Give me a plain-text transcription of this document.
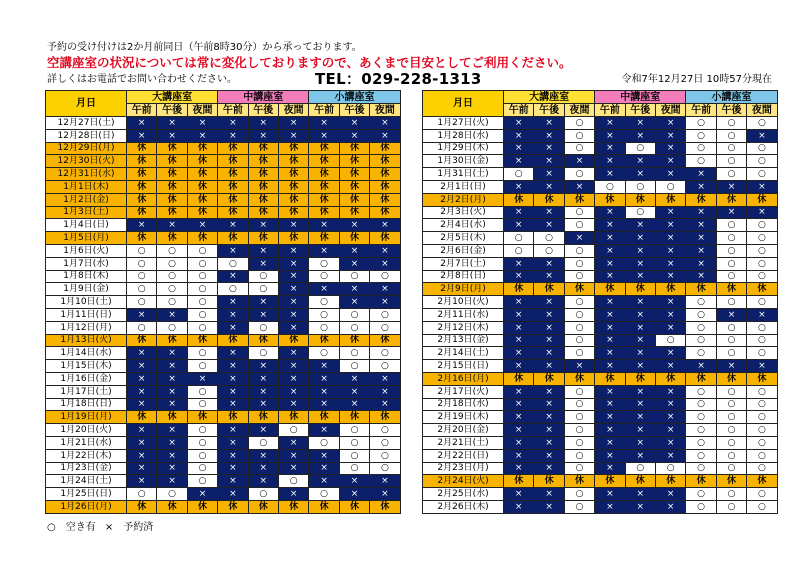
予約の受け付けは2か月前同日（午前8時30分）から承っております。
空講座室の状況については常に変化しておりますので、あくまで目安としてご利用ください。
詳しくはお電話でお問い合わせください。	TEL：029-228-1313	令和7年12月27日 10時57分現在
月日	大講座室			中講座室			小講座室		
	午前	午後	夜間	午前	午後	夜間	午前	午後	夜間
12月27日(土)	×	×	×	×	×	×	×	×	×
12月28日(日)	×	×	×	×	×	×	×	×	×
12月29日(月)	休	休	休	休	休	休	休	休	休
12月30日(火)	休	休	休	休	休	休	休	休	休
12月31日(水)	休	休	休	休	休	休	休	休	休
1月1日(木)	休	休	休	休	休	休	休	休	休
1月2日(金)	休	休	休	休	休	休	休	休	休
1月3日(土)	休	休	休	休	休	休	休	休	休
1月4日(日)	×	×	×	×	×	×	×	×	×
1月5日(月)	休	休	休	休	休	休	休	休	休
1月6日(火)	○	○	○	×	×	×	×	×	×
1月7日(水)	○	○	○	○	×	×	○	×	×
1月8日(木)	○	○	○	×	○	×	○	○	○
1月9日(金)	○	○	○	○	○	×	×	×	×
1月10日(土)	○	○	○	×	×	×	○	×	×
1月11日(日)	×	×	○	×	×	×	○	○	○
1月12日(月)	○	○	○	×	○	×	○	○	○
1月13日(火)	休	休	休	休	休	休	休	休	休
1月14日(水)	×	×	○	×	○	×	○	○	○
1月15日(木)	×	×	○	×	×	×	×	○	○
1月16日(金)	×	×	×	×	×	×	×	×	×
1月17日(土)	×	×	○	×	×	×	×	×	×
1月18日(日)	×	×	○	×	×	×	×	×	×
1月19日(月)	休	休	休	休	休	休	休	休	休
1月20日(火)	×	×	○	×	×	○	×	○	○
1月21日(水)	×	×	○	×	○	×	○	○	○
1月22日(木)	×	×	○	×	×	×	×	○	○
1月23日(金)	×	×	○	×	×	×	×	○	○
1月24日(土)	×	×	○	×	×	○	×	×	×
1月25日(日)	○	○	×	×	○	×	○	×	×
1月26日(月)	休	休	休	休	休	休	休	休	休
月日	大講座室			中講座室			小講座室		
	午前	午後	夜間	午前	午後	夜間	午前	午後	夜間
1月27日(火)	×	×	○	×	×	×	○	○	○
1月28日(水)	×	×	○	×	×	×	○	○	×
1月29日(木)	×	×	○	×	○	×	○	○	○
1月30日(金)	×	×	×	×	×	×	○	○	○
1月31日(土)	○	×	○	×	×	×	×	○	○
2月1日(日)	×	×	×	○	○	○	×	×	×
2月2日(月)	休	休	休	休	休	休	休	休	休
2月3日(火)	×	×	○	×	○	×	×	×	×
2月4日(水)	×	×	○	×	×	×	×	○	○
2月5日(木)	○	○	×	×	×	×	×	○	○
2月6日(金)	○	○	○	×	×	×	×	○	○
2月7日(土)	×	×	○	×	×	×	×	○	○
2月8日(日)	×	×	○	×	×	×	×	○	○
2月9日(月)	休	休	休	休	休	休	休	休	休
2月10日(火)	×	×	○	×	×	×	○	○	○
2月11日(水)	×	×	○	×	×	×	○	×	×
2月12日(木)	×	×	○	×	×	×	○	○	○
2月13日(金)	×	×	○	×	×	○	○	○	○
2月14日(土)	×	×	○	×	×	×	○	○	○
2月15日(日)	×	×	×	×	×	×	×	×	×
2月16日(月)	休	休	休	休	休	休	休	休	休
2月17日(火)	×	×	○	×	×	×	○	○	○
2月18日(水)	×	×	○	×	×	×	○	○	○
2月19日(木)	×	×	○	×	×	×	○	○	○
2月20日(金)	×	×	○	×	×	×	○	○	○
2月21日(土)	×	×	○	×	×	×	○	○	○
2月22日(日)	×	×	○	×	×	×	○	○	○
2月23日(月)	×	×	○	×	○	○	○	○	○
2月24日(火)	休	休	休	休	休	休	休	休	休
2月25日(水)	×	×	○	×	×	×	○	○	○
2月26日(木)	×	×	○	×	×	×	○	○	○
○　空き有 ×　予約済
